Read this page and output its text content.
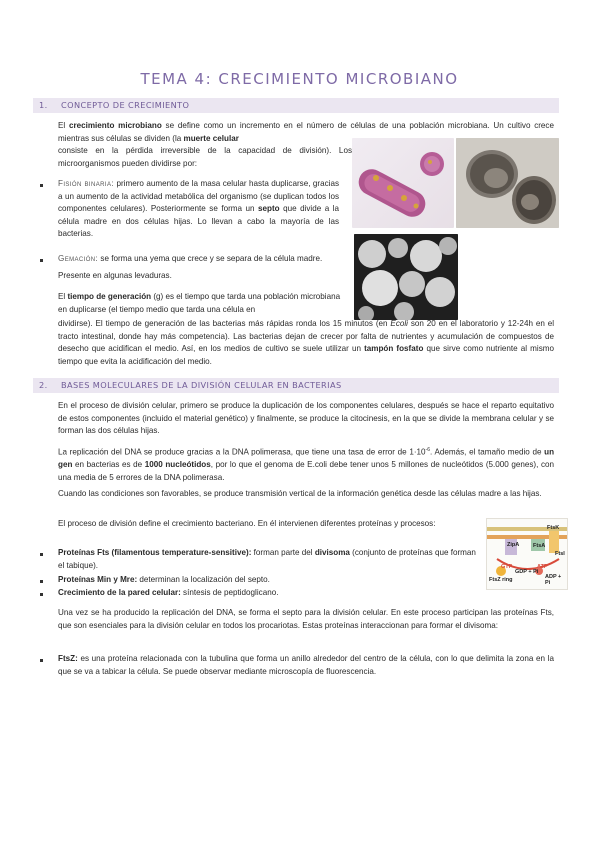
TEMA 4: CRECIMIENTO MICROBIANO
1. CONCEPTO DE CRECIMIENTO

El crecimiento microbiano se define como un incremento en el número de células de una población microbiana. Un cultivo crece mientras sus células se dividen (la muerte celular

consiste en la pérdida irreversible de la capacidad de división). Los microorganismos pueden dividirse por:

Fisión binaria: primero aumento de la masa celular hasta duplicarse, gracias a un aumento de la actividad metabólica del organismo (se duplican todos los componentes celulares). Posteriormente se forma un septo que divide a la célula madre en dos células hijas. Lo llevan a cabo la mayoría de las bacterias.

Gemación: se forma una yema que crece y se separa de la célula madre.

Presente en algunas levaduras.

El tiempo de generación (g) es el tiempo que tarda una población microbiana en duplicarse (el tiempo medio que tarda una célula en

dividirse). El tiempo de generación de las bacterias más rápidas ronda los 15 minutos (en Ecoli son 20 en el laboratorio y 12-24h en el tracto intestinal, donde hay más competencia). Las bacterias dejan de crecer por falta de nutrientes y acumulación de compuestos de desecho que acidifican el medio. Así, en los medios de cultivo se suele utilizar un tampón fosfato que sirve como nutriente al mismo tiempo que evita la acidificación del medio.

2. BASES MOLECULARES DE LA DIVISIÓN CELULAR EN BACTERIAS

En el proceso de división celular, primero se produce la duplicación de los componentes celulares, después se hace el reparto equitativo de estos componentes (incluido el material genético) y finalmente, se produce la citocinesis, en la que se divide la membrana celular y se forman las dos células hijas.

La replicación del DNA se produce gracias a la DNA polimerasa, que tiene una tasa de error de $1\cdot 10^{-6}$. Además, el tamaño medio de un gen en bacterias es de 1000 nucleótidos, por lo que el genoma de E.coli debe tener unos 5 millones de nucleótidos (5.000 genes), con una media de 5 errores de la DNA polimerasa.

Cuando las condiciones son favorables, se produce transmisión vertical de la información genética desde las células madre a las hijas.

El proceso de división define el crecimiento bacteriano. En él intervienen diferentes proteínas y procesos:

ZipA	FtsA
FtsK
GTP
GDP + Pi
ATP
ADP + Pi
FtsZ ring
FtsI

Proteínas Fts (filamentous temperature-sensitive): forman parte del divisoma (conjunto de proteínas que forman el tabique).

Proteínas Min y Mre: determinan la localización del septo.

Crecimiento de la pared celular: síntesis de peptidoglicano.

Una vez se ha producido la replicación del DNA, se forma el septo para la división celular. En este proceso participan las proteínas Fts, que son esenciales para la división celular en todos los procariotas. Estas proteínas interaccionan para formar el divisoma:

FtsZ: es una proteína relacionada con la tubulina que forma un anillo alrededor del centro de la célula, con lo que delimita la zona en la que se va a tabicar la célula. Se puede observar mediante microscopía de fluorescencia.
